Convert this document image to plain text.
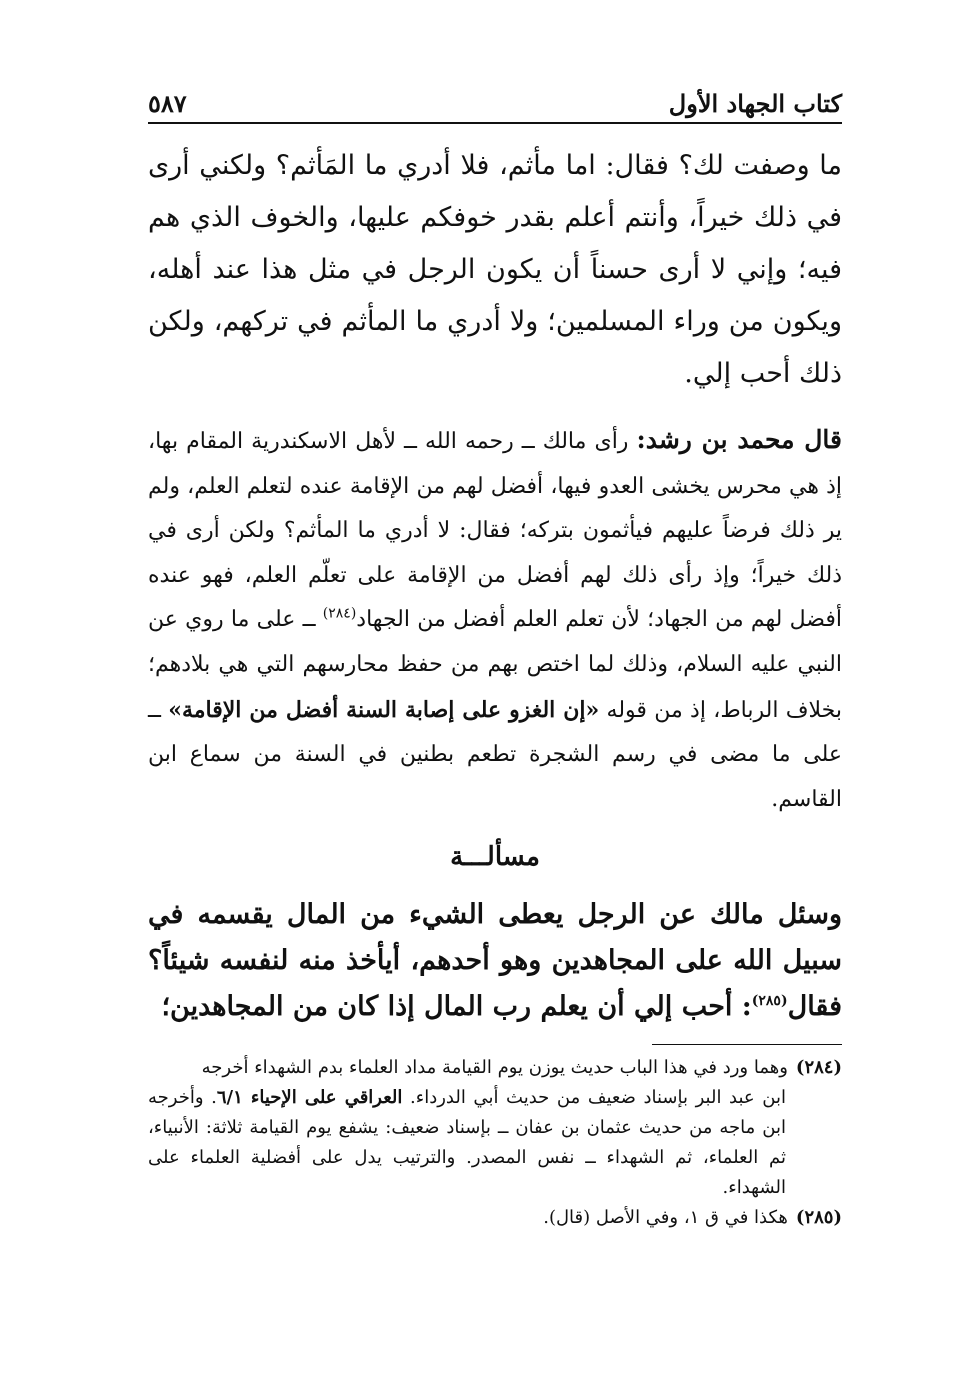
كتاب الجهاد الأول
٥٨٧

ما وصفت لك؟ فقال: اما مأثم، فلا أدري ما المَأثم؟ ولكني أرى في ذلك خيراً، وأنتم أعلم بقدر خوفكم عليها، والخوف الذي هم فيه؛ وإني لا أرى حسناً أن يكون الرجل في مثل هذا عند أهله، ويكون من وراء المسلمين؛ ولا أدري ما المأثم في تركهم، ولكن ذلك أحب إلي.

قال محمد بن رشد: رأى مالك ــ رحمه الله ــ لأهل الاسكندرية المقام بها، إذ هي محرس يخشى العدو فيها، أفضل لهم من الإقامة عنده لتعلم العلم، ولم ير ذلك فرضاً عليهم فيأثمون بتركه؛ فقال: لا أدري ما المأثم؟ ولكن أرى في ذلك خيراً؛ وإذ رأى ذلك لهم أفضل من الإقامة على تعلّم العلم، فهو عنده أفضل لهم من الجهاد؛ لأن تعلم العلم أفضل من الجهاد$^{(٢٨٤)}$ ــ على ما روي عن النبي عليه السلام، وذلك لما اختص بهم من حفظ محارسهم التي هي بلادهم؛ بخلاف الرباط، إذ من قوله «إن الغزو على إصابة السنة أفضل من الإقامة» ــ على ما مضى في رسم الشجرة تطعم بطنين في السنة من سماع ابن القاسم.

مسألـــة

وسئل مالك عن الرجل يعطى الشيء من المال يقسمه في سبيل الله على المجاهدين وهو أحدهم، أيأخذ منه لنفسه شيئاً؟ فقال$^{(٢٨٥)}$: أحب إلي أن يعلم رب المال إذا كان من المجاهدين؛

(٢٨٤)
وهما ورد في هذا الباب حديث يوزن يوم القيامة مداد العلماء بدم الشهداء أخرجه
ابن عبد البر بإسناد ضعيف من حديث أبي الدرداء. العراقي على الإحياء ٦/١. وأخرجه ابن ماجه من حديث عثمان بن عفان ــ بإسناد ضعيف: يشفع يوم القيامة ثلاثة: الأنبياء، ثم العلماء، ثم الشهداء ــ نفس المصدر. والترتيب يدل على أفضلية العلماء على الشهداء.
(٢٨٥)
هكذا في ق ١، وفي الأصل (قال).
